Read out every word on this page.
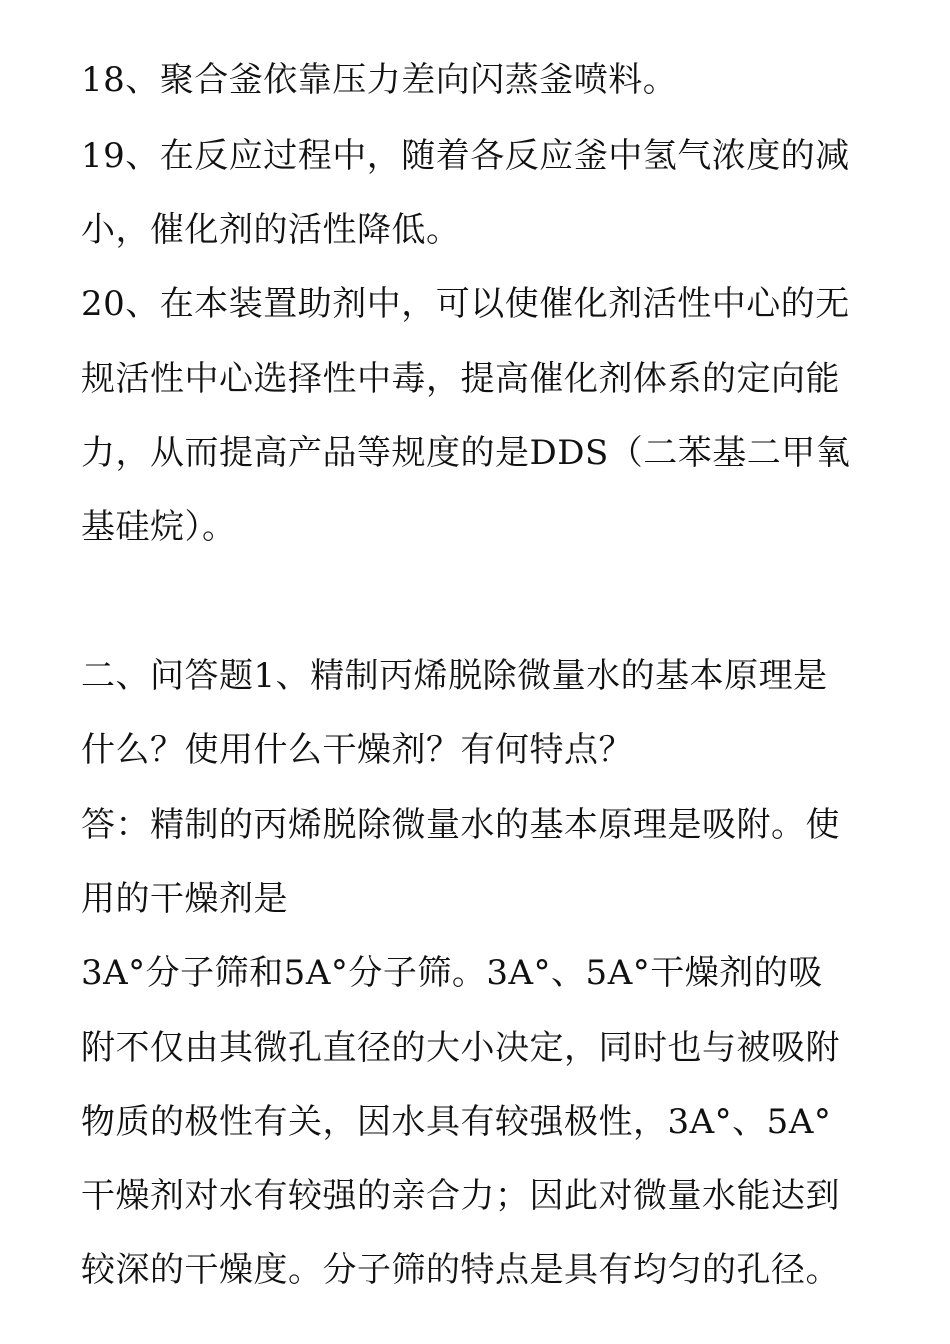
18、聚合釜依靠压力差向闪蒸釜喷料。
19、在反应过程中，随着各反应釜中氢气浓度的减
小，催化剂的活性降低。
20、在本装置助剂中，可以使催化剂活性中心的无
规活性中心选择性中毒，提高催化剂体系的定向能
力，从而提高产品等规度的是DDS（二苯基二甲氧
基硅烷）。
二、问答题1、精制丙烯脱除微量水的基本原理是
什么？使用什么干燥剂？有何特点？
答：精制的丙烯脱除微量水的基本原理是吸附。使
用的干燥剂是
3A°分子筛和5A°分子筛。3A°、5A°干燥剂的吸
附不仅由其微孔直径的大小决定，同时也与被吸附
物质的极性有关，因水具有较强极性，3A°、5A°
干燥剂对水有较强的亲合力；因此对微量水能达到
较深的干燥度。分子筛的特点是具有均匀的孔径。
